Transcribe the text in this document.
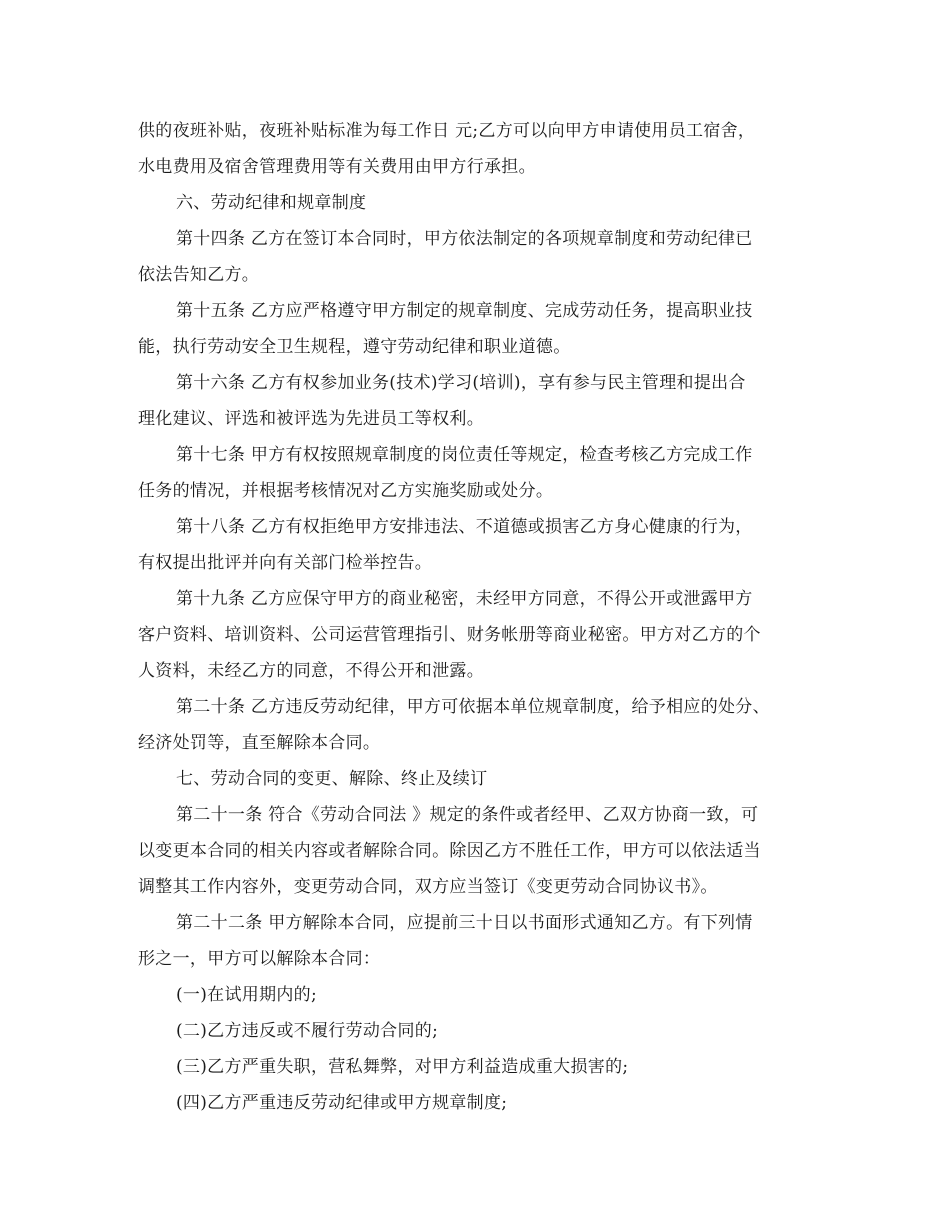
供的夜班补贴，夜班补贴标准为每工作日 元;乙方可以向甲方申请使用员工宿舍，
水电费用及宿舍管理费用等有关费用由甲方行承担。
六、劳动纪律和规章制度
第十四条 乙方在签订本合同时，甲方依法制定的各项规章制度和劳动纪律已
依法告知乙方。
第十五条 乙方应严格遵守甲方制定的规章制度、完成劳动任务，提高职业技
能，执行劳动安全卫生规程，遵守劳动纪律和职业道德。
第十六条 乙方有权参加业务(技术)学习(培训)，享有参与民主管理和提出合
理化建议、评选和被评选为先进员工等权利。
第十七条 甲方有权按照规章制度的岗位责任等规定，检查考核乙方完成工作
任务的情况，并根据考核情况对乙方实施奖励或处分。
第十八条 乙方有权拒绝甲方安排违法、不道德或损害乙方身心健康的行为，
有权提出批评并向有关部门检举控告。
第十九条 乙方应保守甲方的商业秘密，未经甲方同意，不得公开或泄露甲方
客户资料、培训资料、公司运营管理指引、财务帐册等商业秘密。甲方对乙方的个
人资料，未经乙方的同意，不得公开和泄露。
第二十条 乙方违反劳动纪律，甲方可依据本单位规章制度，给予相应的处分、
经济处罚等，直至解除本合同。
七、劳动合同的变更、解除、终止及续订
第二十一条 符合《劳动合同法 》规定的条件或者经甲、乙双方协商一致，可
以变更本合同的相关内容或者解除合同。除因乙方不胜任工作，甲方可以依法适当
调整其工作内容外，变更劳动合同，双方应当签订《变更劳动合同协议书》。
第二十二条 甲方解除本合同，应提前三十日以书面形式通知乙方。有下列情
形之一，甲方可以解除本合同：
(一)在试用期内的;
(二)乙方违反或不履行劳动合同的;
(三)乙方严重失职，营私舞弊，对甲方利益造成重大损害的;
(四)乙方严重违反劳动纪律或甲方规章制度;
